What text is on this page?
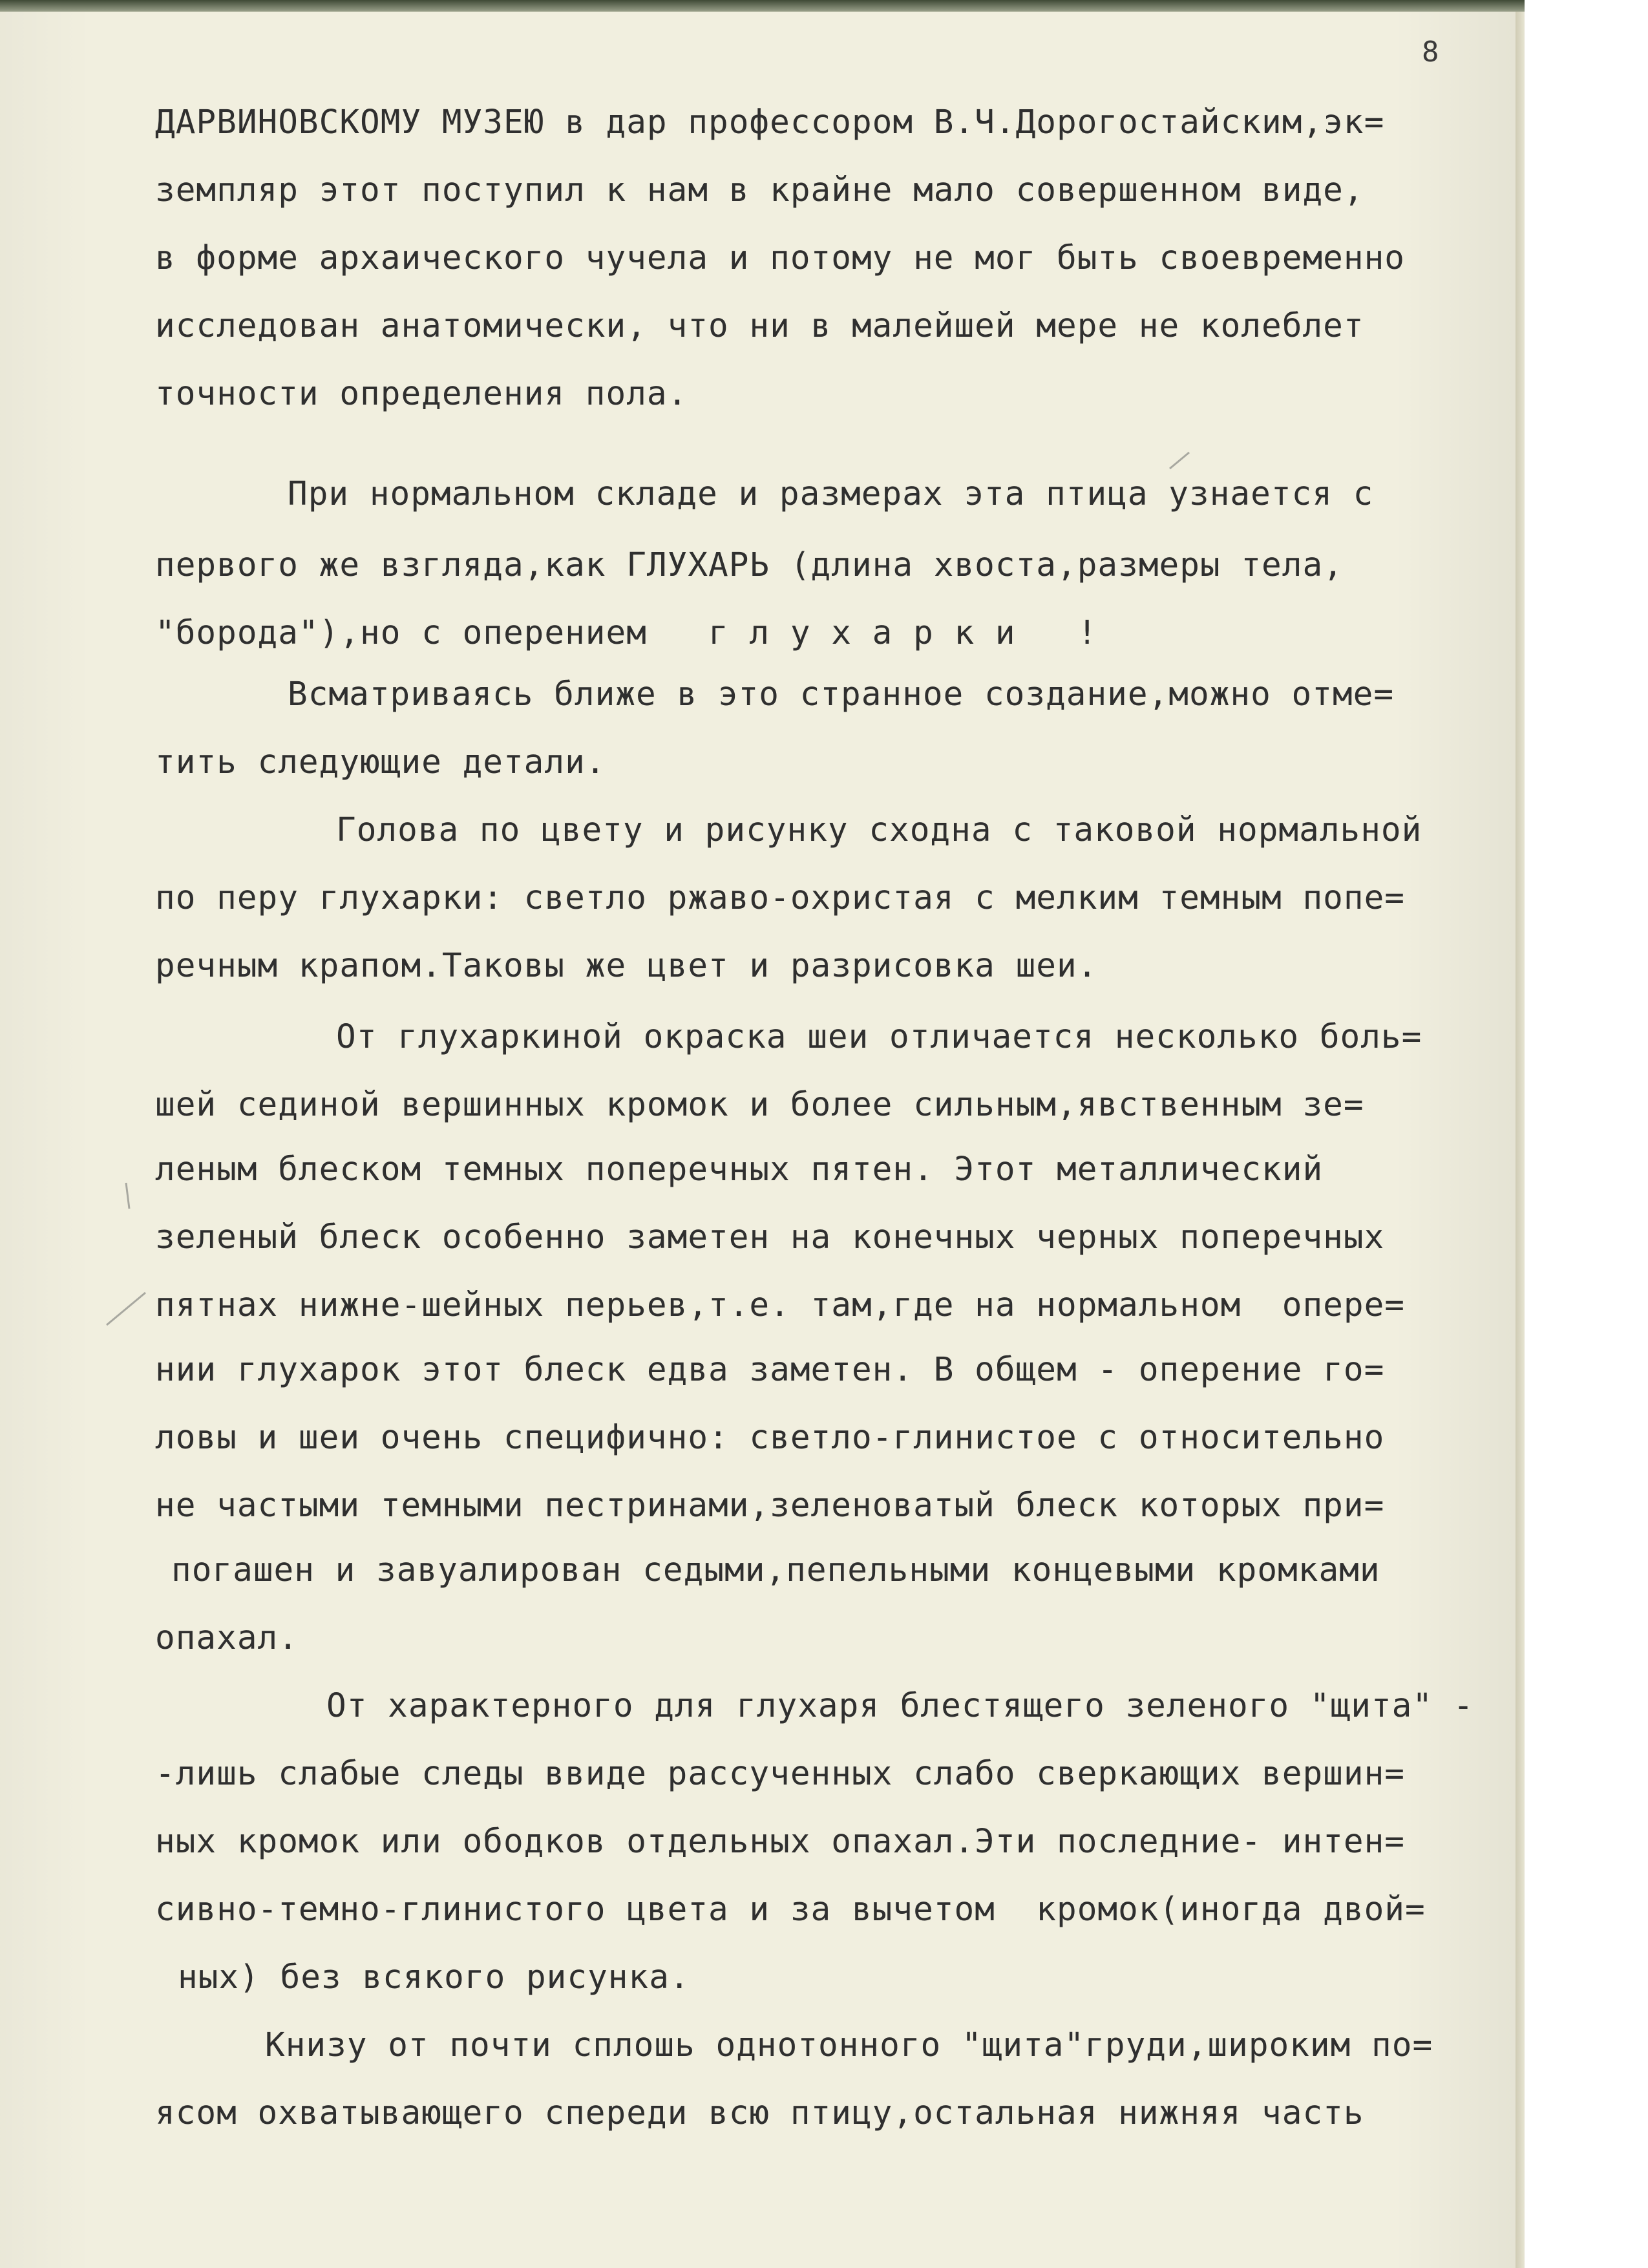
8
ДАРВИНОВСКОМУ МУЗЕЮ в дар профессором В.Ч.Дорогостайским,эк=
земпляр этот поступил к нам в крайне мало совершенном виде,
в форме архаического чучела и потому не мог быть своевременно
исследован анатомически, что ни в малейшей мере не колеблет
точности определения пола.
При нормальном складе и размерах эта птица узнается с
первого же взгляда,как ГЛУХАРЬ (длина хвоста,размеры тела,
"борода"),но с оперением   г л у х а р к и   !
Всматриваясь ближе в это странное создание,можно отме=
тить следующие детали.
Голова по цвету и рисунку сходна с таковой нормальной
по перу глухарки: светло ржаво-охристая с мелким темным попе=
речным крапом.Таковы же цвет и разрисовка шеи.
От глухаркиной окраска шеи отличается несколько боль=
шей сединой вершинных кромок и более сильным,явственным зе=
леным блеском темных поперечных пятен. Этот металлический
зеленый блеск особенно заметен на конечных черных поперечных
пятнах нижне-шейных перьев,т.е. там,где на нормальном  опере=
нии глухарок этот блеск едва заметен. В общем - оперение го=
ловы и шеи очень специфично: светло-глинистое с относительно
не частыми темными пестринами,зеленоватый блеск которых при=
погашен и завуалирован седыми,пепельными концевыми кромками
опахал.
От характерного для глухаря блестящего зеленого "щита" -
-лишь слабые следы ввиде рассученных слабо сверкающих вершин=
ных кромок или ободков отдельных опахал.Эти последние- интен=
сивно-темно-глинистого цвета и за вычетом  кромок(иногда двой=
ных) без всякого рисунка.
Книзу от почти сплошь однотонного "щита"груди,широким по=
ясом охватывающего спереди всю птицу,остальная нижняя часть
